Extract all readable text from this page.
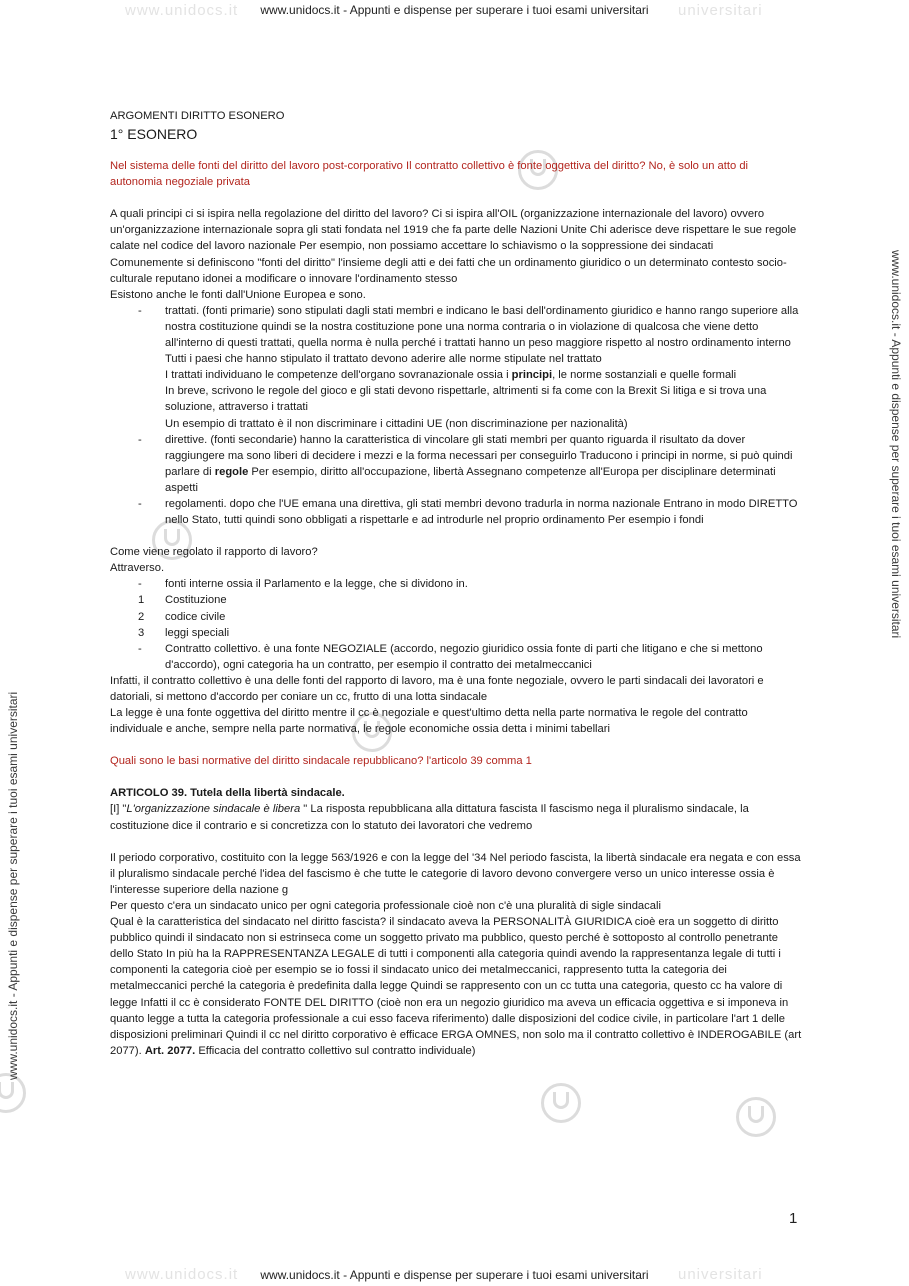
www.unidocs.it	universitari
www.unidocs.it - Appunti e dispense per superare i tuoi esami universitari
www.unidocs.it	universitari
www.unidocs.it - Appunti e dispense per superare i tuoi esami universitari
www.unidocs.it - Appunti e dispense per superare i tuoi esami universitari
www.unidocs.it - Appunti e dispense per superare i tuoi esami universitari

ARGOMENTI DIRITTO ESONERO

1° ESONERO

Nel sistema delle fonti del diritto del lavoro post-corporativo Il contratto collettivo è fonte oggettiva del diritto? No, è solo un atto di autonomia negoziale privata

A quali principi ci si ispira nella regolazione del diritto del lavoro? Ci si ispira all'OIL (organizzazione internazionale del lavoro) ovvero un'organizzazione internazionale sopra gli stati fondata nel 1919 che fa parte delle Nazioni Unite Chi aderisce deve rispettare le sue regole calate nel codice del lavoro nazionale Per esempio, non possiamo accettare lo schiavismo o la soppressione dei sindacati

Comunemente si definiscono "fonti del diritto" l'insieme degli atti e dei fatti che un ordinamento giuridico o un determinato contesto socio-culturale reputano idonei a modificare o innovare l'ordinamento stesso

Esistono anche le fonti dall'Unione Europea e sono.

- trattati. (fonti primarie) sono stipulati dagli stati membri e indicano le basi dell'ordinamento giuridico e hanno rango superiore alla nostra costituzione quindi se la nostra costituzione pone una norma contraria o in violazione di qualcosa che viene detto all'interno di questi trattati, quella norma è nulla perché i trattati hanno un peso maggiore rispetto al nostro ordinamento interno Tutti i paesi che hanno stipulato il trattato devono aderire alle norme stipulate nel trattato
I trattati individuano le competenze dell'organo sovranazionale ossia i principi, le norme sostanziali e quelle formali
In breve, scrivono le regole del gioco e gli stati devono rispettarle, altrimenti si fa come con la Brexit Si litiga e si trova una soluzione, attraverso i trattati
Un esempio di trattato è il non discriminare i cittadini UE (non discriminazione per nazionalità)
- direttive. (fonti secondarie) hanno la caratteristica di vincolare gli stati membri per quanto riguarda il risultato da dover raggiungere ma sono liberi di decidere i mezzi e la forma necessari per conseguirlo Traducono i principi in norme, si può quindi parlare di regole Per esempio, diritto all'occupazione, libertà Assegnano competenze all'Europa per disciplinare determinati aspetti
- regolamenti. dopo che l'UE emana una direttiva, gli stati membri devono tradurla in norma nazionale Entrano in modo DIRETTO nello Stato, tutti quindi sono obbligati a rispettarle e ad introdurle nel proprio ordinamento Per esempio i fondi

Come viene regolato il rapporto di lavoro?

Attraverso.

- fonti interne ossia il Parlamento e la legge, che si dividono in.
1 Costituzione
2 codice civile
3 leggi speciali
- Contratto collettivo. è una fonte NEGOZIALE (accordo, negozio giuridico ossia fonte di parti che litigano e che si mettono d'accordo), ogni categoria ha un contratto, per esempio il contratto dei metalmeccanici

Infatti, il contratto collettivo è una delle fonti del rapporto di lavoro, ma è una fonte negoziale, ovvero le parti sindacali dei lavoratori e datoriali, si mettono d'accordo per coniare un cc, frutto di una lotta sindacale

La legge è una fonte oggettiva del diritto mentre il cc è negoziale e quest'ultimo detta nella parte normativa le regole del contratto individuale e anche, sempre nella parte normativa, le regole economiche ossia detta i minimi tabellari

Quali sono le basi normative del diritto sindacale repubblicano? l'articolo 39 comma 1

ARTICOLO 39. Tutela della libertà sindacale.

[I] "L'organizzazione sindacale è libera " La risposta repubblicana alla dittatura fascista Il fascismo nega il pluralismo sindacale, la costituzione dice il contrario e si concretizza con lo statuto dei lavoratori che vedremo

Il periodo corporativo, costituito con la legge 563/1926 e con la legge del '34 Nel periodo fascista, la libertà sindacale era negata e con essa il pluralismo sindacale perché l'idea del fascismo è che tutte le categorie di lavoro devono convergere verso un unico interesse ossia è l'interesse superiore della nazione g

Per questo c'era un sindacato unico per ogni categoria professionale cioè non c'è una pluralità di sigle sindacali

Qual è la caratteristica del sindacato nel diritto fascista? il sindacato aveva la PERSONALITÀ GIURIDICA cioè era un soggetto di diritto pubblico quindi il sindacato non si estrinseca come un soggetto privato ma pubblico, questo perché è sottoposto al controllo penetrante dello Stato In più ha la RAPPRESENTANZA LEGALE di tutti i componenti alla categoria quindi avendo la rappresentanza legale di tutti i componenti la categoria cioè per esempio se io fossi il sindacato unico dei metalmeccanici, rappresento tutta la categoria dei metalmeccanici perché la categoria è predefinita dalla legge Quindi se rappresento con un cc tutta una categoria, questo cc ha valore di legge Infatti il cc è considerato FONTE DEL DIRITTO (cioè non era un negozio giuridico ma aveva un efficacia oggettiva e si imponeva in quanto legge a tutta la categoria professionale a cui esso faceva riferimento) dalle disposizioni del codice civile, in particolare l'art 1 delle disposizioni preliminari Quindi il cc nel diritto corporativo è efficace ERGA OMNES, non solo ma il contratto collettivo è INDEROGABILE (art 2077). Art. 2077. Efficacia del contratto collettivo sul contratto individuale)

1
